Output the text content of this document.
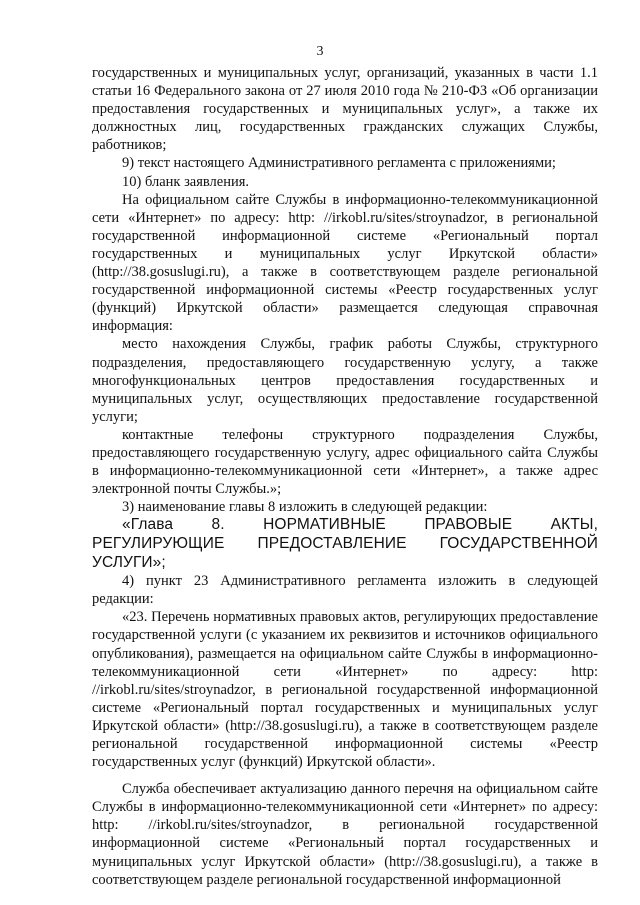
3

государственных и муниципальных услуг, организаций, указанных в части 1.1 статьи 16 Федерального закона от 27 июля 2010 года № 210-ФЗ «Об организации предоставления государственных и муниципальных услуг», а также их должностных лиц, государственных гражданских служащих Службы, работников;

9) текст настоящего Административного регламента с приложениями;

10) бланк заявления.

На официальном сайте Службы в информационно-телекоммуникационной сети «Интернет» по адресу: http: //irkobl.ru/sites/stroynadzor, в региональной государственной информационной системе «Региональный портал государственных и муниципальных услуг Иркутской области» (http://38.gosuslugi.ru), а также в соответствующем разделе региональной государственной информационной системы «Реестр государственных услуг (функций) Иркутской области» размещается следующая справочная информация:

место нахождения Службы, график работы Службы, структурного подразделения, предоставляющего государственную услугу, а также многофункциональных центров предоставления государственных и муниципальных услуг, осуществляющих предоставление государственной услуги;

контактные телефоны структурного подразделения Службы, предоставляющего государственную услугу, адрес официального сайта Службы в информационно-телекоммуникационной сети «Интернет», а также адрес электронной почты Службы.»;

3) наименование главы 8 изложить в следующей редакции:

«Глава 8. НОРМАТИВНЫЕ ПРАВОВЫЕ АКТЫ, РЕГУЛИРУЮЩИЕ ПРЕДОСТАВЛЕНИЕ ГОСУДАРСТВЕННОЙ УСЛУГИ»;

4) пункт 23 Административного регламента изложить в следующей редакции:

«23. Перечень нормативных правовых актов, регулирующих предоставление государственной услуги (с указанием их реквизитов и источников официального опубликования), размещается на официальном сайте Службы в информационно-телекоммуникационной сети «Интернет» по адресу: http: //irkobl.ru/sites/stroynadzor, в региональной государственной информационной системе «Региональный портал государственных и муниципальных услуг Иркутской области» (http://38.gosuslugi.ru), а также в соответствующем разделе региональной государственной информационной системы «Реестр государственных услуг (функций) Иркутской области».

Служба обеспечивает актуализацию данного перечня на официальном сайте Службы в информационно-телекоммуникационной сети «Интернет» по адресу: http: //irkobl.ru/sites/stroynadzor, в региональной государственной информационной системе «Региональный портал государственных и муниципальных услуг Иркутской области» (http://38.gosuslugi.ru), а также в соответствующем разделе региональной государственной информационной
